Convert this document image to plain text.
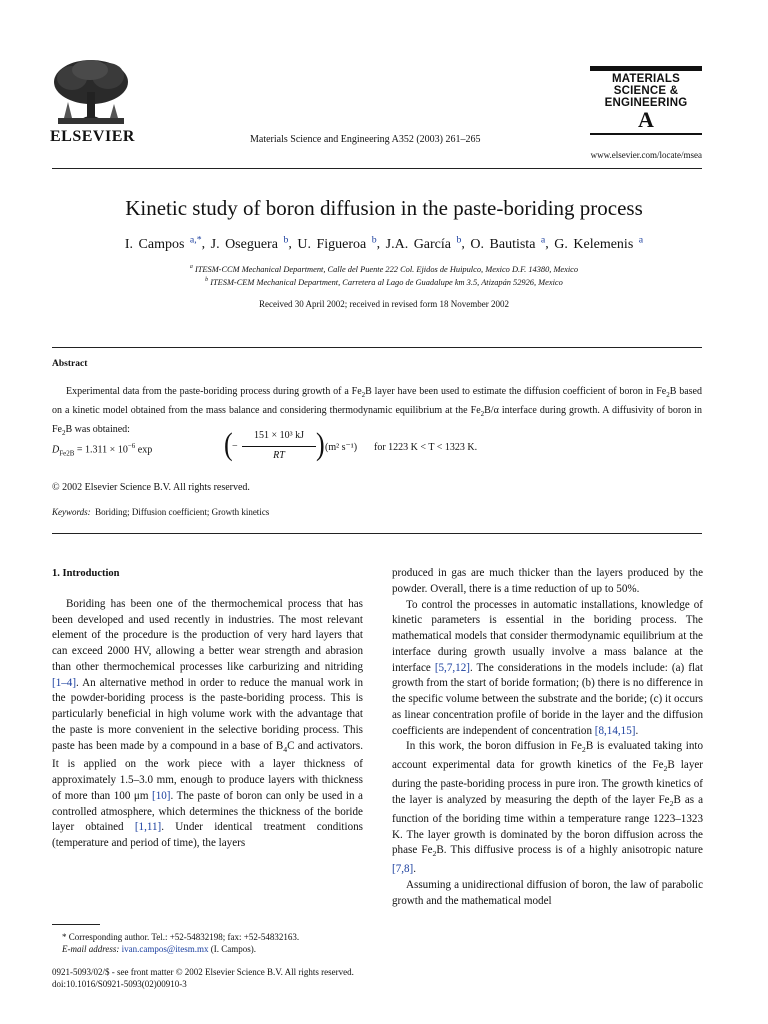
ELSEVIER	Materials Science and Engineering A352 (2003) 261–265
MATERIALS
SCIENCE &
ENGINEERING
A
www.elsevier.com/locate/msea
Kinetic study of boron diffusion in the paste-boriding process
I. Campos $^{a,*}$, J. Oseguera $^b$, U. Figueroa $^b$, J.A. García $^b$, O. Bautista $^a$, G. Kelemenis $^a$
$^a$ ITESM-CCM Mechanical Department, Calle del Puente 222 Col. Ejidos de Huipulco, Mexico D.F. 14380, Mexico
$^b$ ITESM-CEM Mechanical Department, Carretera al Lago de Guadalupe km 3.5, Atizapán 52926, Mexico
Received 30 April 2002; received in revised form 18 November 2002
Abstract

Experimental data from the paste-boriding process during growth of a $Fe_2B$ layer have been used to estimate the diffusion coefficient of boron in $Fe_2B$ based on a kinetic model obtained from the mass balance and considering thermodynamic equilibrium at the $Fe_2B/\alpha$ interface during growth. A diffusivity of boron in $Fe_2B$ was obtained:

$D_{Fe2B} = 1.311 \times 10^{-6}$ exp	( −
151 × 10³ kJ
RT	) (m² s⁻¹) for 1223 K < T < 1323 K.
© 2002 Elsevier Science B.V. All rights reserved.
Keywords: Boriding; Diffusion coefficient; Growth kinetics

1. Introduction

Boriding has been one of the thermochemical process that has been developed and used recently in industries. The most relevant element of the procedure is the production of very hard layers that can exceed 2000 HV, allowing a better wear strength and abrasion than other thermochemical processes like carburizing and nitriding [1–4]. An alternative method in order to reduce the manual work in the powder-boriding process is the paste-boriding process. This is particularly beneficial in high volume work with the advantage that the paste is more convenient in the selective boriding process. This paste has been made by a compound in a base of $B_4C$ and activators. It is applied on the work piece with a layer thickness of approximately 1.5–3.0 mm, enough to produce layers with thickness of more than 100 μm [10]. The paste of boron can only be used in a controlled atmosphere, which determines the thickness of the boride layer obtained [1,11]. Under identical treatment conditions (temperature and period of time), the layers

produced in gas are much thicker than the layers produced by the powder. Overall, there is a time reduction of up to 50%.

To control the processes in automatic installations, knowledge of kinetic parameters is essential in the boriding process. The mathematical models that consider thermodynamic equilibrium at the interface during growth usually involve a mass balance at the interface [5,7,12]. The considerations in the models include: (a) flat growth from the start of boride formation; (b) there is no difference in the specific volume between the substrate and the boride; (c) it occurs as linear concentration profile of boride in the layer and the diffusion coefficients are independent of concentration [8,14,15].

In this work, the boron diffusion in $Fe_2B$ is evaluated taking into account experimental data for growth kinetics of the $Fe_2B$ layer during the paste-boriding process in pure iron. The growth kinetics of the layer is analyzed by measuring the depth of the layer $Fe_2B$ as a function of the boriding time within a temperature range 1223–1323 K. The layer growth is dominated by the boron diffusion across the phase $Fe_2B$. This diffusive process is of a highly anisotropic nature [7,8].

Assuming a unidirectional diffusion of boron, the law of parabolic growth and the mathematical model

* Corresponding author. Tel.: +52-54832198; fax: +52-54832163.
E-mail address: ivan.campos@itesm.mx (I. Campos).
0921-5093/02/$ - see front matter © 2002 Elsevier Science B.V. All rights reserved.
doi:10.1016/S0921-5093(02)00910-3
